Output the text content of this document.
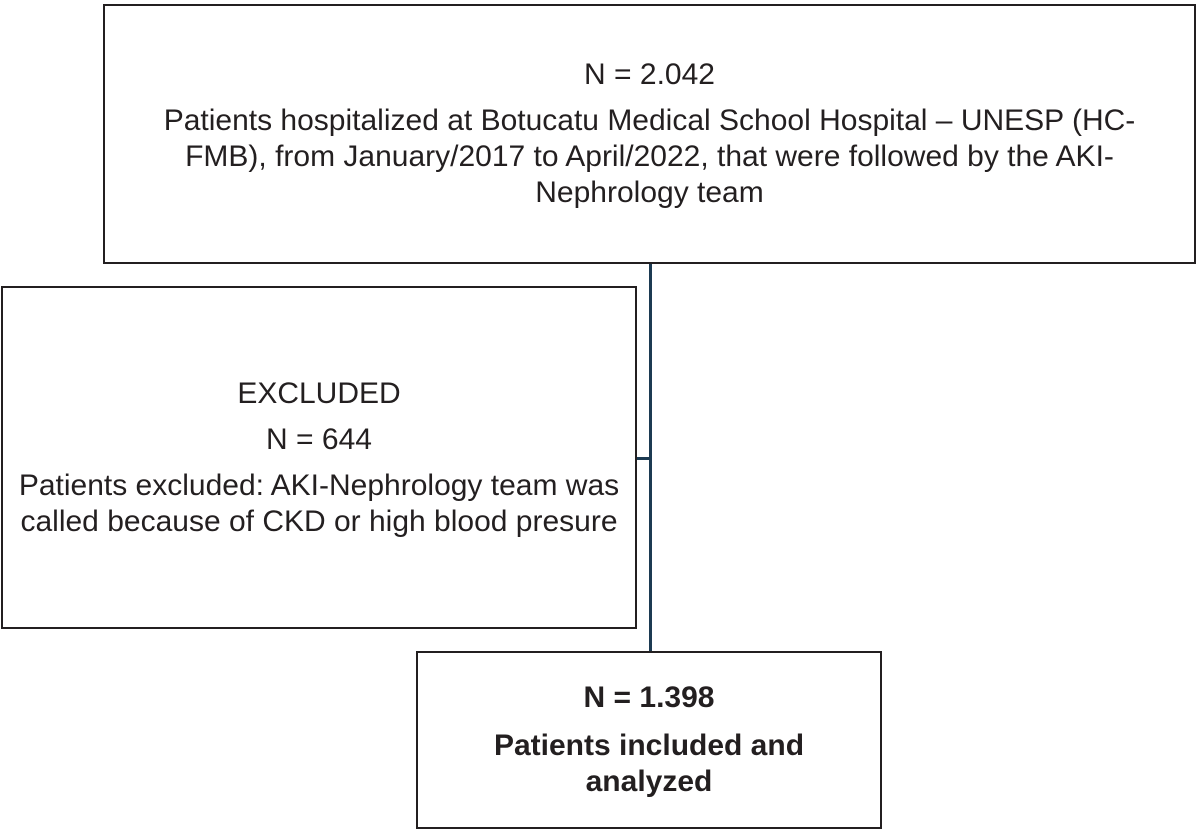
N = 2.042
Patients hospitalized at Botucatu Medical School Hospital – UNESP (HC-FMB), from January/2017 to April/2022, that were followed by the AKI-Nephrology team
EXCLUDED
N = 644
Patients excluded: AKI-Nephrology team was called because of CKD or high blood presure
N = 1.398
Patients included and analyzed
